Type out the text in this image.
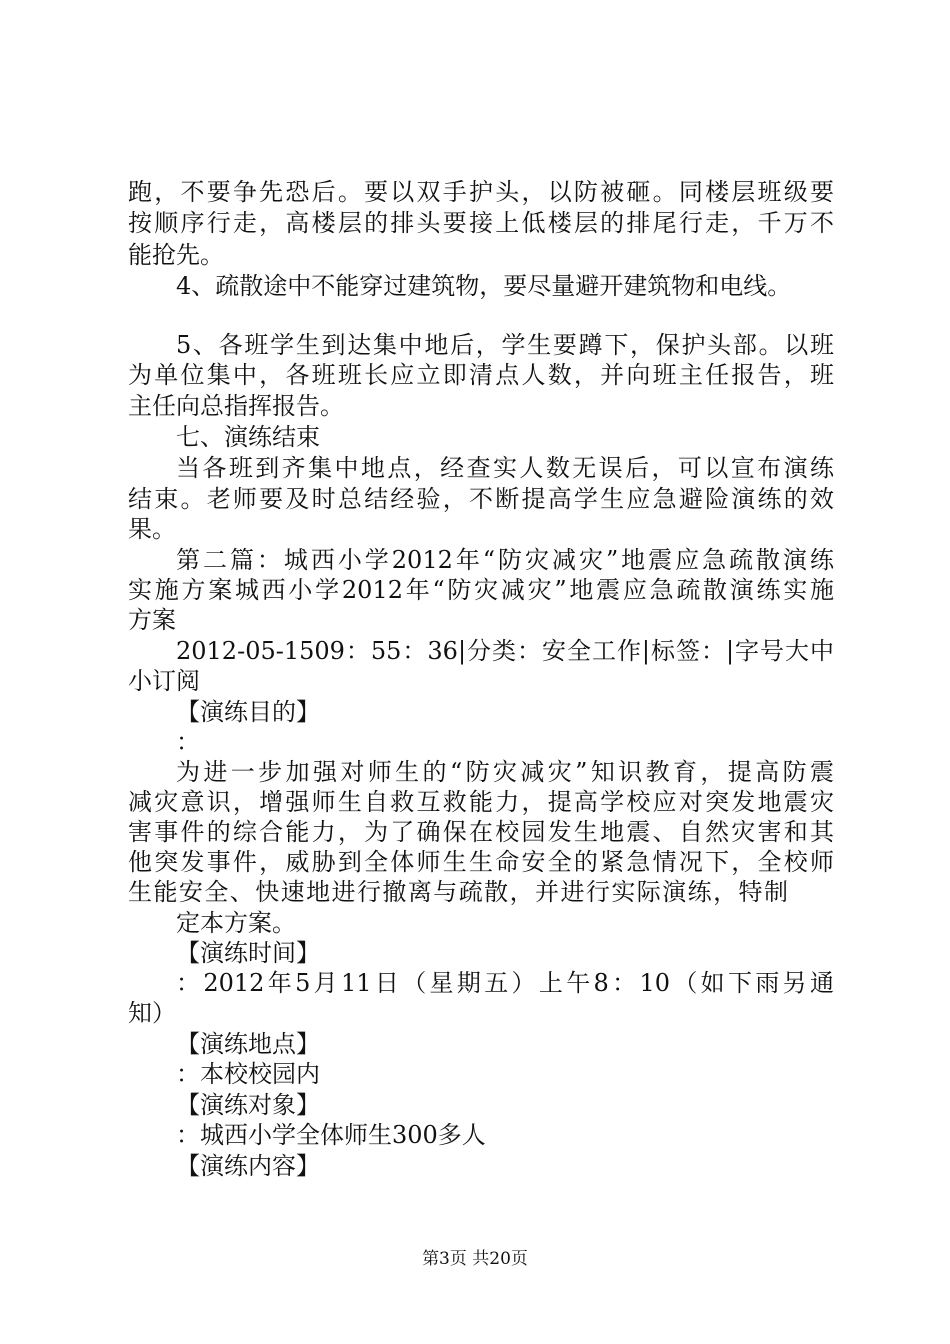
跑，不要争先恐后。要以双手护头，以防被砸。同楼层班级要
按顺序行走，高楼层的排头要接上低楼层的排尾行走，千万不
能抢先。
4、疏散途中不能穿过建筑物，要尽量避开建筑物和电线。
5、各班学生到达集中地后，学生要蹲下，保护头部。以班
为单位集中，各班班长应立即清点人数，并向班主任报告，班
主任向总指挥报告。
七、演练结束
当各班到齐集中地点，经查实人数无误后，可以宣布演练
结束。老师要及时总结经验，不断提高学生应急避险演练的效
果。
第二篇：城西小学2012年“防灾减灾”地震应急疏散演练
实施方案城西小学2012年“防灾减灾”地震应急疏散演练实施
方案
2012-05-1509：55：36|分类：安全工作|标签：|字号大中
小订阅
【演练目的】
：
为进一步加强对师生的“防灾减灾”知识教育，提高防震
减灾意识，增强师生自救互救能力，提高学校应对突发地震灾
害事件的综合能力，为了确保在校园发生地震、自然灾害和其
他突发事件，威胁到全体师生生命安全的紧急情况下，全校师
生能安全、快速地进行撤离与疏散，并进行实际演练，特制
定本方案。
【演练时间】
：2012年5月11日（星期五）上午8：10（如下雨另通
知）
【演练地点】
：本校校园内
【演练对象】
：城西小学全体师生300多人
【演练内容】
第3页 共20页
